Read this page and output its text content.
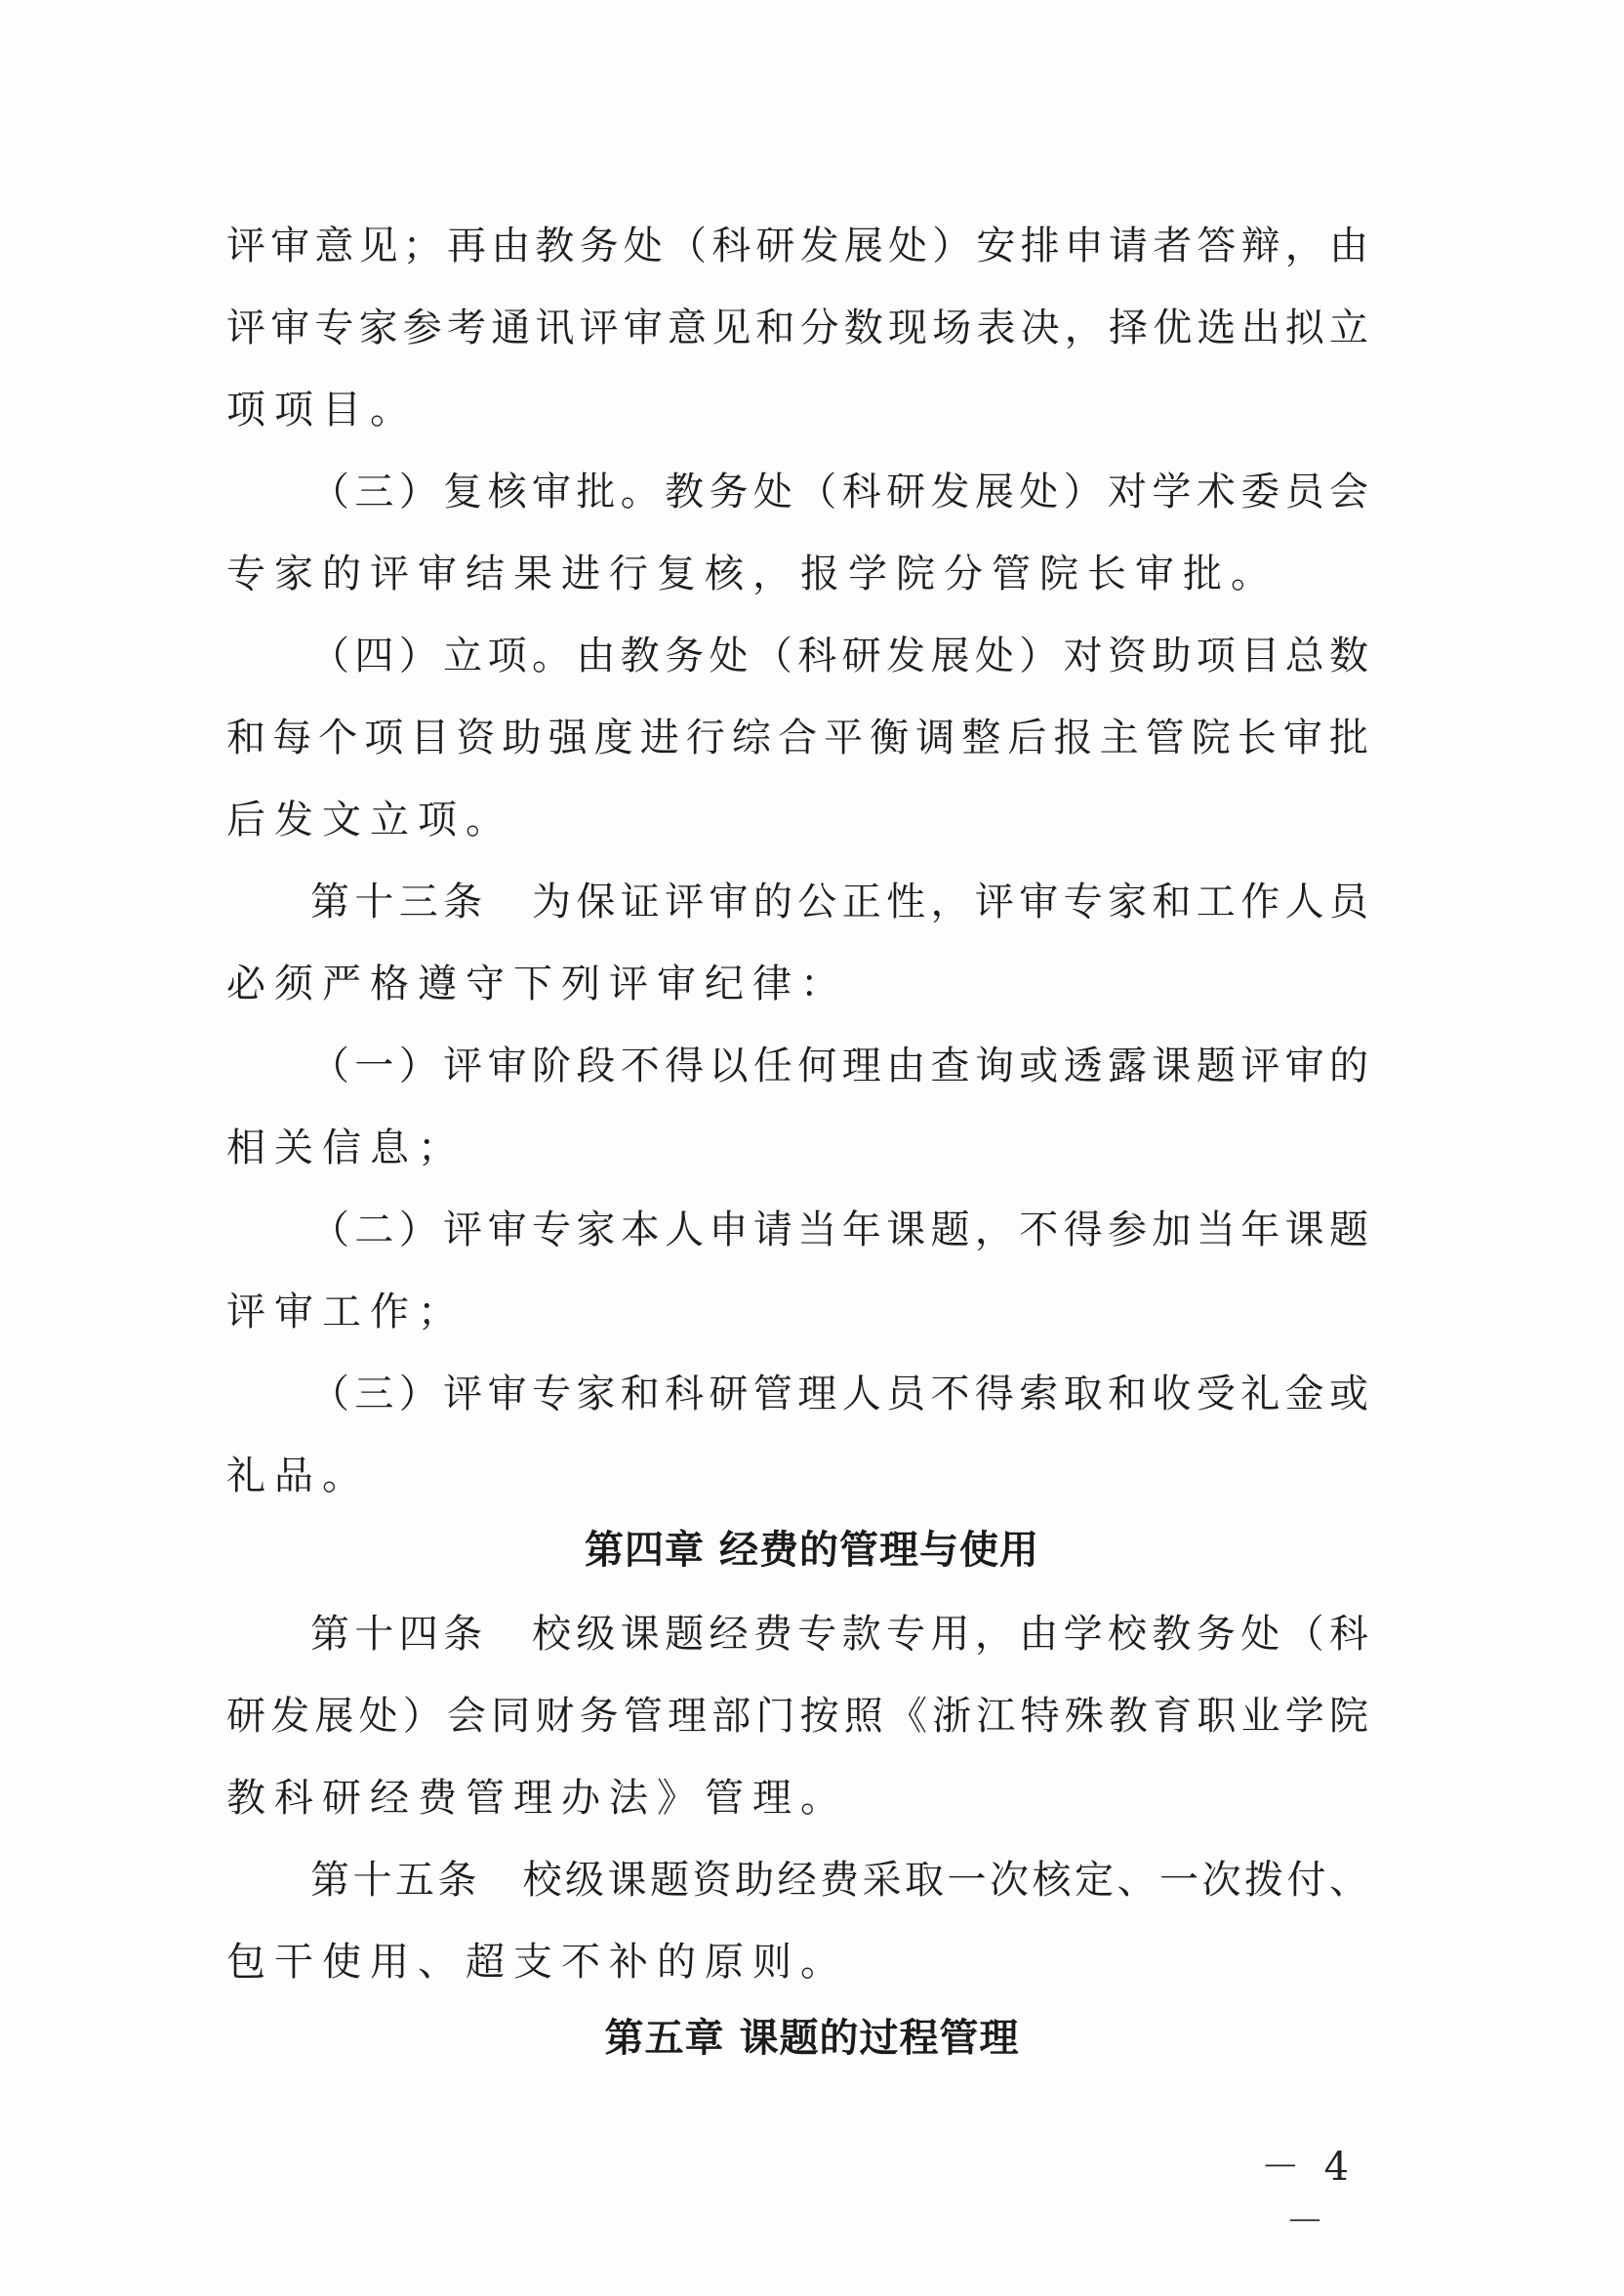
评审意见；再由教务处（科研发展处）安排申请者答辩，由

评审专家参考通讯评审意见和分数现场表决，择优选出拟立

项项目。

（三）复核审批。教务处（科研发展处）对学术委员会

专家的评审结果进行复核，报学院分管院长审批。

（四）立项。由教务处（科研发展处）对资助项目总数

和每个项目资助强度进行综合平衡调整后报主管院长审批

后发文立项。

第十三条　为保证评审的公正性，评审专家和工作人员

必须严格遵守下列评审纪律：

（一）评审阶段不得以任何理由查询或透露课题评审的

相关信息；

（二）评审专家本人申请当年课题，不得参加当年课题

评审工作；

（三）评审专家和科研管理人员不得索取和收受礼金或

礼品。

第四章 经费的管理与使用

第十四条　校级课题经费专款专用，由学校教务处（科

研发展处）会同财务管理部门按照《浙江特殊教育职业学院

教科研经费管理办法》管理。

第十五条　校级课题资助经费采取一次核定、一次拨付、

包干使用、超支不补的原则。

第五章 课题的过程管理
－ 4 －
